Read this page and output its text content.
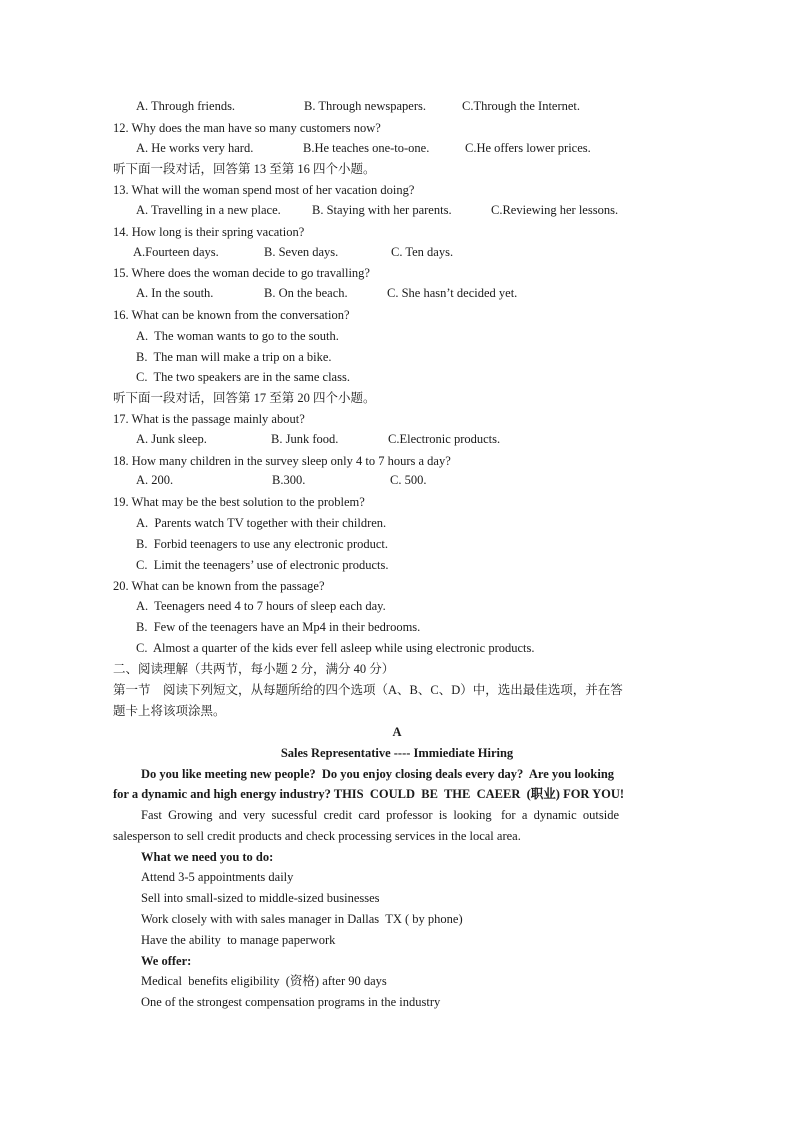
A. Through friends.	B. Through newspapers.	C.Through the Internet.
12. Why does the man have so many customers now?
A. He works very hard.	B.He teaches one-to-one.	C.He offers lower prices.
听下面一段对话，回答第 13 至第 16 四个小题。
13. What will the woman spend most of her vacation doing?
A. Travelling in a new place. B. Staying with her parents.	C.Reviewing her lessons.
14. How long is their spring vacation?
A.Fourteen days.	B. Seven days.	C. Ten days.
15. Where does the woman decide to go travalling?
A. In the south.	B. On the beach.	C. She hasn’t decided yet.
16. What can be known from the conversation?
A.  The woman wants to go to the south.
B.  The man will make a trip on a bike.
C.  The two speakers are in the same class.
听下面一段对话，回答第 17 至第 20 四个小题。
17. What is the passage mainly about?
A. Junk sleep.	B. Junk food.	C.Electronic products.
18. How many children in the survey sleep only 4 to 7 hours a day?
A. 200.	B.300.	C. 500.
19. What may be the best solution to the problem?
A.  Parents watch TV together with their children.
B.  Forbid teenagers to use any electronic product.
C.  Limit the teenagers’ use of electronic products.
20. What can be known from the passage?
A.  Teenagers need 4 to 7 hours of sleep each day.
B.  Few of the teenagers have an Mp4 in their bedrooms.
C.  Almost a quarter of the kids ever fell asleep while using electronic products.
二、阅读理解（共两节，每小题 2 分，满分 40 分）
第一节    阅读下列短文，从每题所给的四个选项（A、B、C、D）中，选出最佳选项，并在答
题卡上将该项涂黑。
A
Sales Representative ---- Immiediate Hiring
Do you like meeting new people?  Do you enjoy closing deals every day?  Are you looking
for a dynamic and high energy industry? THIS  COULD  BE  THE  CAEER  (职业) FOR YOU!
Fast  Growing  and  very  sucessful  credit  card  professor  is  looking   for  a  dynamic  outside
salesperson to sell credit products and check processing services in the local area.
What we need you to do:
Attend 3-5 appointments daily
Sell into small-sized to middle-sized businesses
Work closely with with sales manager in Dallas  TX ( by phone)
Have the ability  to manage paperwork
We offer:
Medical  benefits eligibility  (资格) after 90 days
One of the strongest compensation programs in the industry
